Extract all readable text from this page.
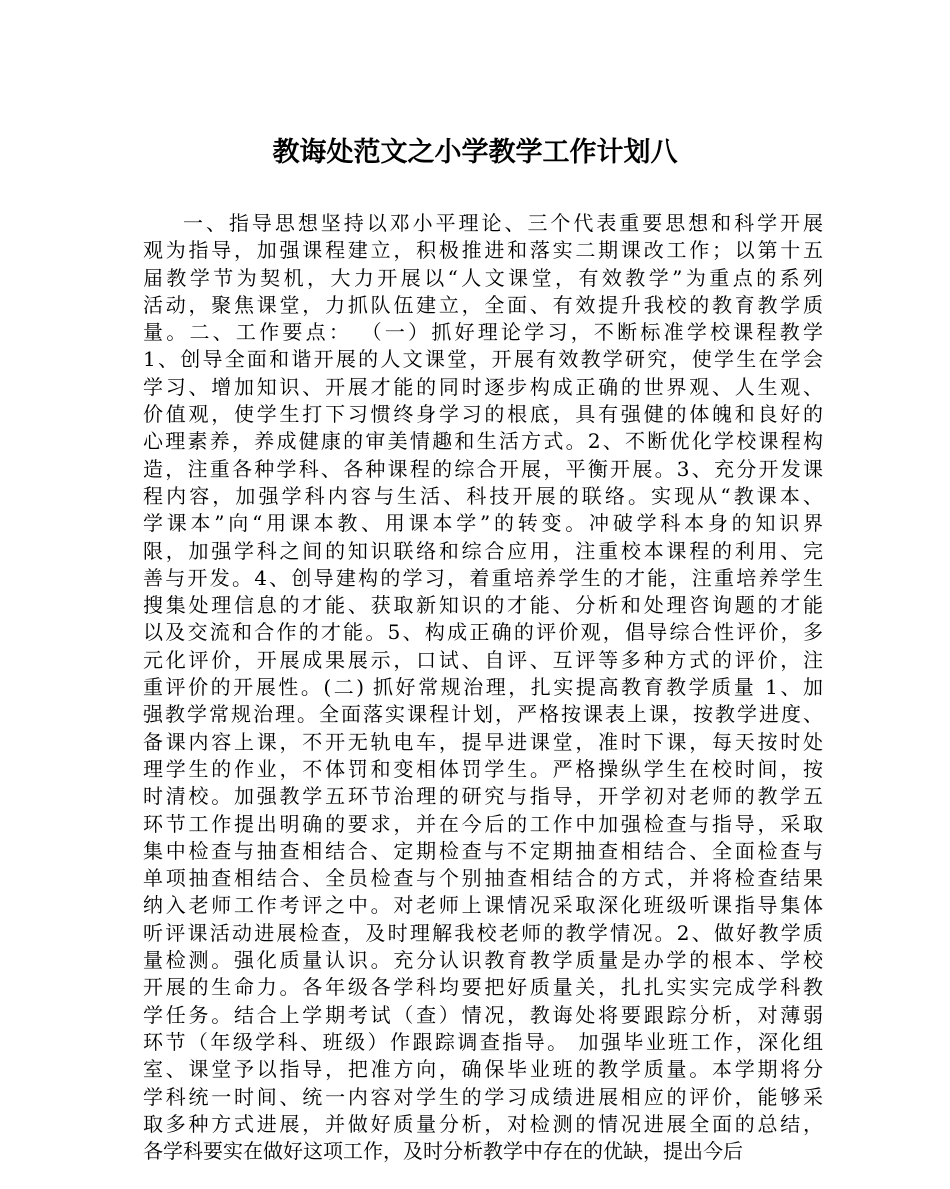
教诲处范文之小学教学工作计划八
一、指导思想坚持以邓小平理论、三个代表重要思想和科学开展
观为指导，加强课程建立，积极推进和落实二期课改工作；以第十五
届教学节为契机，大力开展以“人文课堂，有效教学”为重点的系列
活动，聚焦课堂，力抓队伍建立，全面、有效提升我校的教育教学质
量。二、工作要点： （一）抓好理论学习，不断标准学校课程教学
1、创导全面和谐开展的人文课堂，开展有效教学研究，使学生在学会
学习、增加知识、开展才能的同时逐步构成正确的世界观、人生观、
价值观，使学生打下习惯终身学习的根底，具有强健的体魄和良好的
心理素养，养成健康的审美情趣和生活方式。2、不断优化学校课程构
造，注重各种学科、各种课程的综合开展，平衡开展。3、充分开发课
程内容，加强学科内容与生活、科技开展的联络。实现从“教课本、
学课本”向“用课本教、用课本学”的转变。冲破学科本身的知识界
限，加强学科之间的知识联络和综合应用，注重校本课程的利用、完
善与开发。4、创导建构的学习，着重培养学生的才能，注重培养学生
搜集处理信息的才能、获取新知识的才能、分析和处理咨询题的才能
以及交流和合作的才能。5、构成正确的评价观，倡导综合性评价，多
元化评价，开展成果展示，口试、自评、互评等多种方式的评价，注
重评价的开展性。(二) 抓好常规治理，扎实提高教育教学质量 1、加
强教学常规治理。全面落实课程计划，严格按课表上课，按教学进度、
备课内容上课，不开无轨电车，提早进课堂，准时下课，每天按时处
理学生的作业，不体罚和变相体罚学生。严格操纵学生在校时间，按
时清校。加强教学五环节治理的研究与指导，开学初对老师的教学五
环节工作提出明确的要求，并在今后的工作中加强检查与指导，采取
集中检查与抽查相结合、定期检查与不定期抽查相结合、全面检查与
单项抽查相结合、全员检查与个别抽查相结合的方式，并将检查结果
纳入老师工作考评之中。对老师上课情况采取深化班级听课指导集体
听评课活动进展检查，及时理解我校老师的教学情况。2、做好教学质
量检测。强化质量认识。充分认识教育教学质量是办学的根本、学校
开展的生命力。各年级各学科均要把好质量关，扎扎实实完成学科教
学任务。结合上学期考试（查）情况，教诲处将要跟踪分析，对薄弱
环节（年级学科、班级）作跟踪调查指导。 加强毕业班工作，深化组
室、课堂予以指导，把准方向，确保毕业班的教学质量。本学期将分
学科统一时间、统一内容对学生的学习成绩进展相应的评价，能够采
取多种方式进展，并做好质量分析，对检测的情况进展全面的总结，
各学科要实在做好这项工作，及时分析教学中存在的优缺，提出今后
